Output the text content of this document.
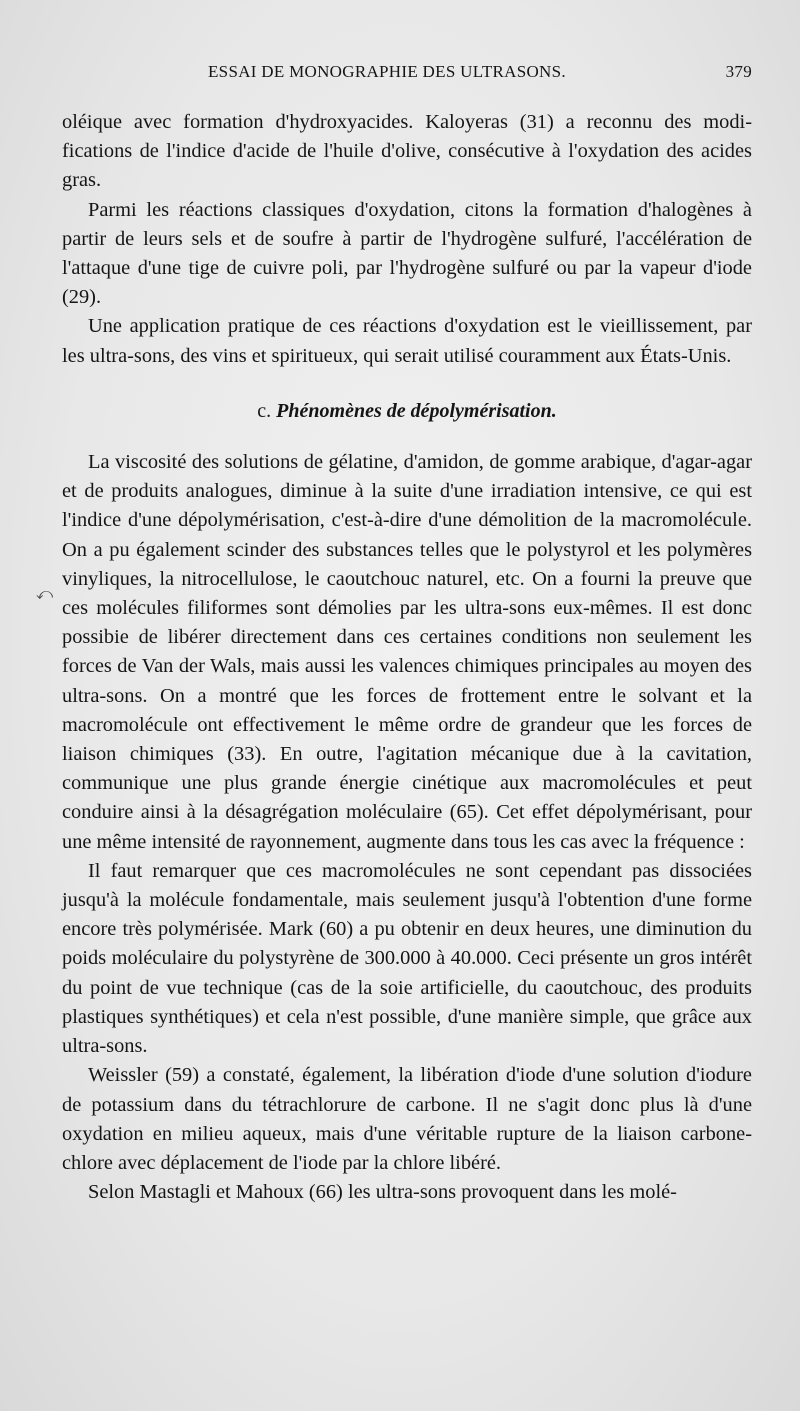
ESSAI DE MONOGRAPHIE DES ULTRASONS.	379
⤺

oléique avec formation d'hydroxyacides. Kaloyeras (31) a reconnu des modifications de l'indice d'acide de l'huile d'olive, consécutive à l'oxydation des acides gras.

Parmi les réactions classiques d'oxydation, citons la formation d'halogènes à partir de leurs sels et de soufre à partir de l'hydrogène sulfuré, l'accélération de l'attaque d'une tige de cuivre poli, par l'hydrogène sulfuré ou par la vapeur d'iode (29).

Une application pratique de ces réactions d'oxydation est le vieillissement, par les ultra-sons, des vins et spiritueux, qui serait utilisé couramment aux États-Unis.

c. Phénomènes de dépolymérisation.

La viscosité des solutions de gélatine, d'amidon, de gomme arabique, d'agar-agar et de produits analogues, diminue à la suite d'une irradiation intensive, ce qui est l'indice d'une dépolymérisation, c'est-à-dire d'une démolition de la macromolécule. On a pu également scinder des substances telles que le polystyrol et les polymères vinyliques, la nitrocellulose, le caoutchouc naturel, etc. On a fourni la preuve que ces molécules filiformes sont démolies par les ultra-sons eux-mêmes. Il est donc possibie de libérer directement dans ces certaines conditions non seulement les forces de Van der Wals, mais aussi les valences chimiques principales au moyen des ultra-sons. On a montré que les forces de frottement entre le solvant et la macromolécule ont effectivement le même ordre de grandeur que les forces de liaison chimiques (33). En outre, l'agitation mécanique due à la cavitation, communique une plus grande énergie cinétique aux macromolécules et peut conduire ainsi à la désagrégation moléculaire (65). Cet effet dépolymérisant, pour une même intensité de rayonnement, augmente dans tous les cas avec la fréquence :

Il faut remarquer que ces macromolécules ne sont cependant pas dissociées jusqu'à la molécule fondamentale, mais seulement jusqu'à l'obtention d'une forme encore très polymérisée. Mark (60) a pu obtenir en deux heures, une diminution du poids moléculaire du polystyrène de 300.000 à 40.000. Ceci présente un gros intérêt du point de vue technique (cas de la soie artificielle, du caoutchouc, des produits plastiques synthétiques) et cela n'est possible, d'une manière simple, que grâce aux ultra-sons.

Weissler (59) a constaté, également, la libération d'iode d'une solution d'iodure de potassium dans du tétrachlorure de carbone. Il ne s'agit donc plus là d'une oxydation en milieu aqueux, mais d'une véritable rupture de la liaison carbone-chlore avec déplacement de l'iode par la chlore libéré.

Selon Mastagli et Mahoux (66) les ultra-sons provoquent dans les molé-
